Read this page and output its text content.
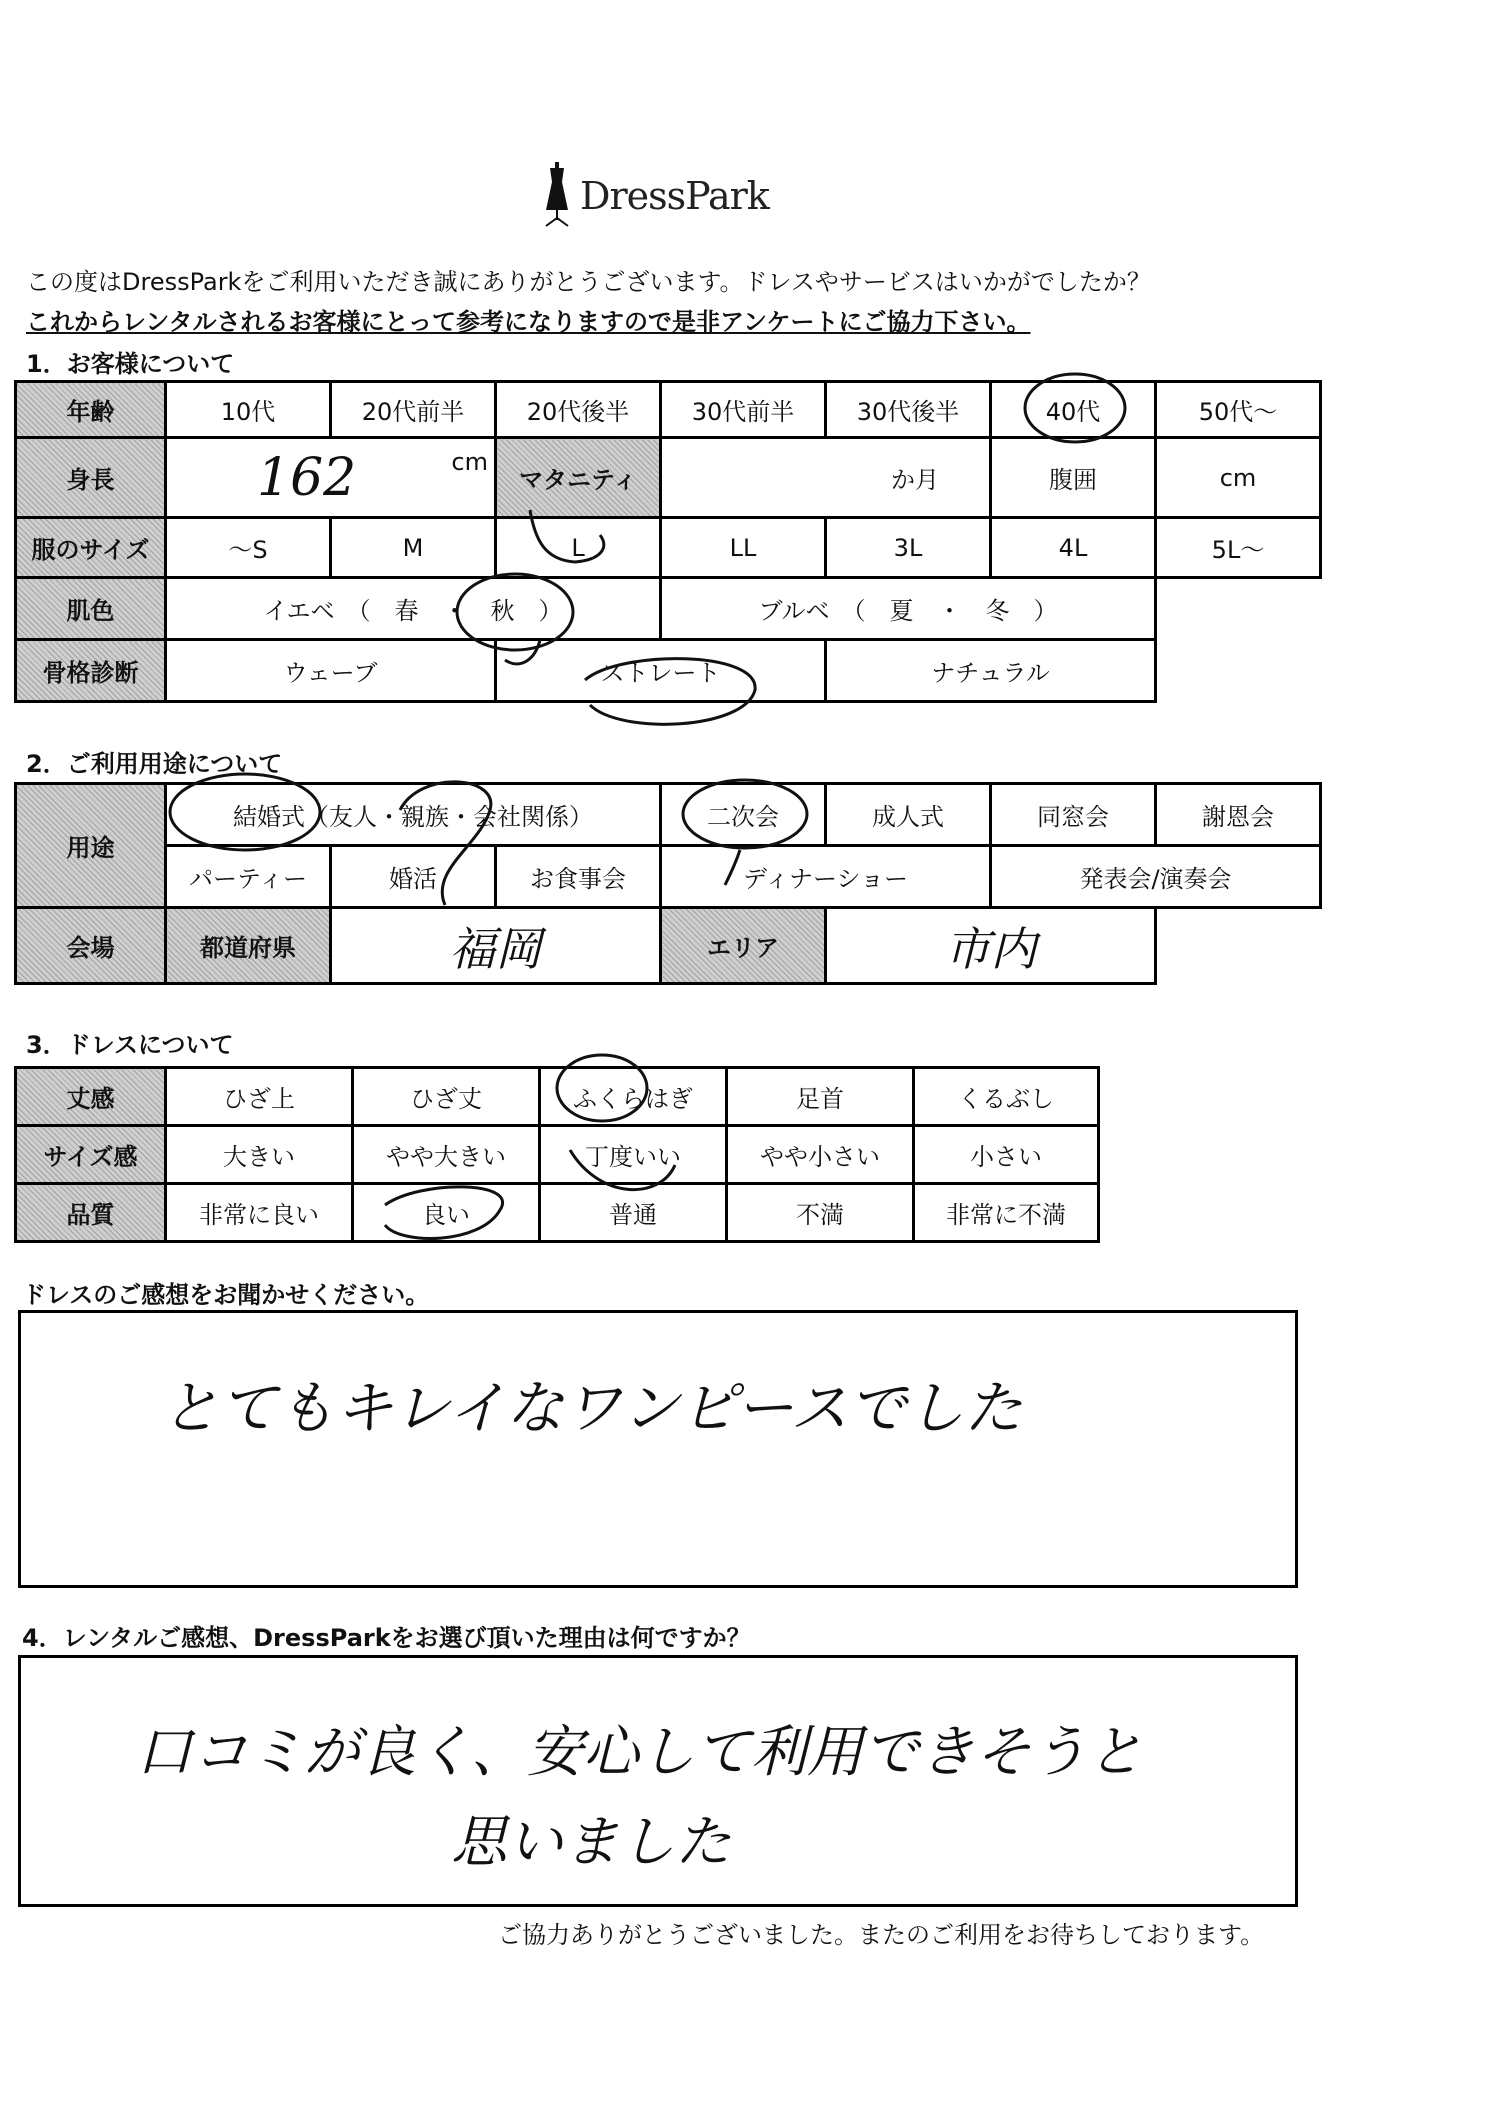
DressPark
この度はDressParkをご利用いただき誠にありがとうございます。ドレスやサービスはいかがでしたか？
これからレンタルされるお客様にとって参考になりますので是非アンケートにご協力下さい。
1．お客様について
年齢	10代	20代前半	20代後半	30代前半	30代後半	40代	50代〜
身長	162 cm		マタニティ	か月		腹囲	cm
服のサイズ	〜S	M	L	LL	3L	4L	5L〜
肌色	イエベ　（　春　・　秋　）			ブルベ　（　夏　・　冬　）			
骨格診断	ウェーブ		ストレート		ナチュラル		
2．ご利用用途について
用途	結婚式（友人・親族・会社関係）			二次会	成人式	同窓会	謝恩会
	パーティー	婚活	お食事会	ディナーショー		発表会/演奏会	
会場	都道府県	福岡		エリア	市内		
3．ドレスについて
丈感	ひざ上	ひざ丈	ふくらはぎ	足首	くるぶし
サイズ感	大きい	やや大きい	丁度いい	やや小さい	小さい
品質	非常に良い	良い	普通	不満	非常に不満
ドレスのご感想をお聞かせください。
とてもキレイなワンピースでした
4．レンタルご感想、DressParkをお選び頂いた理由は何ですか？
口コミが良く、安心して利用できそうと
思いました
ご協力ありがとうございました。またのご利用をお待ちしております。
